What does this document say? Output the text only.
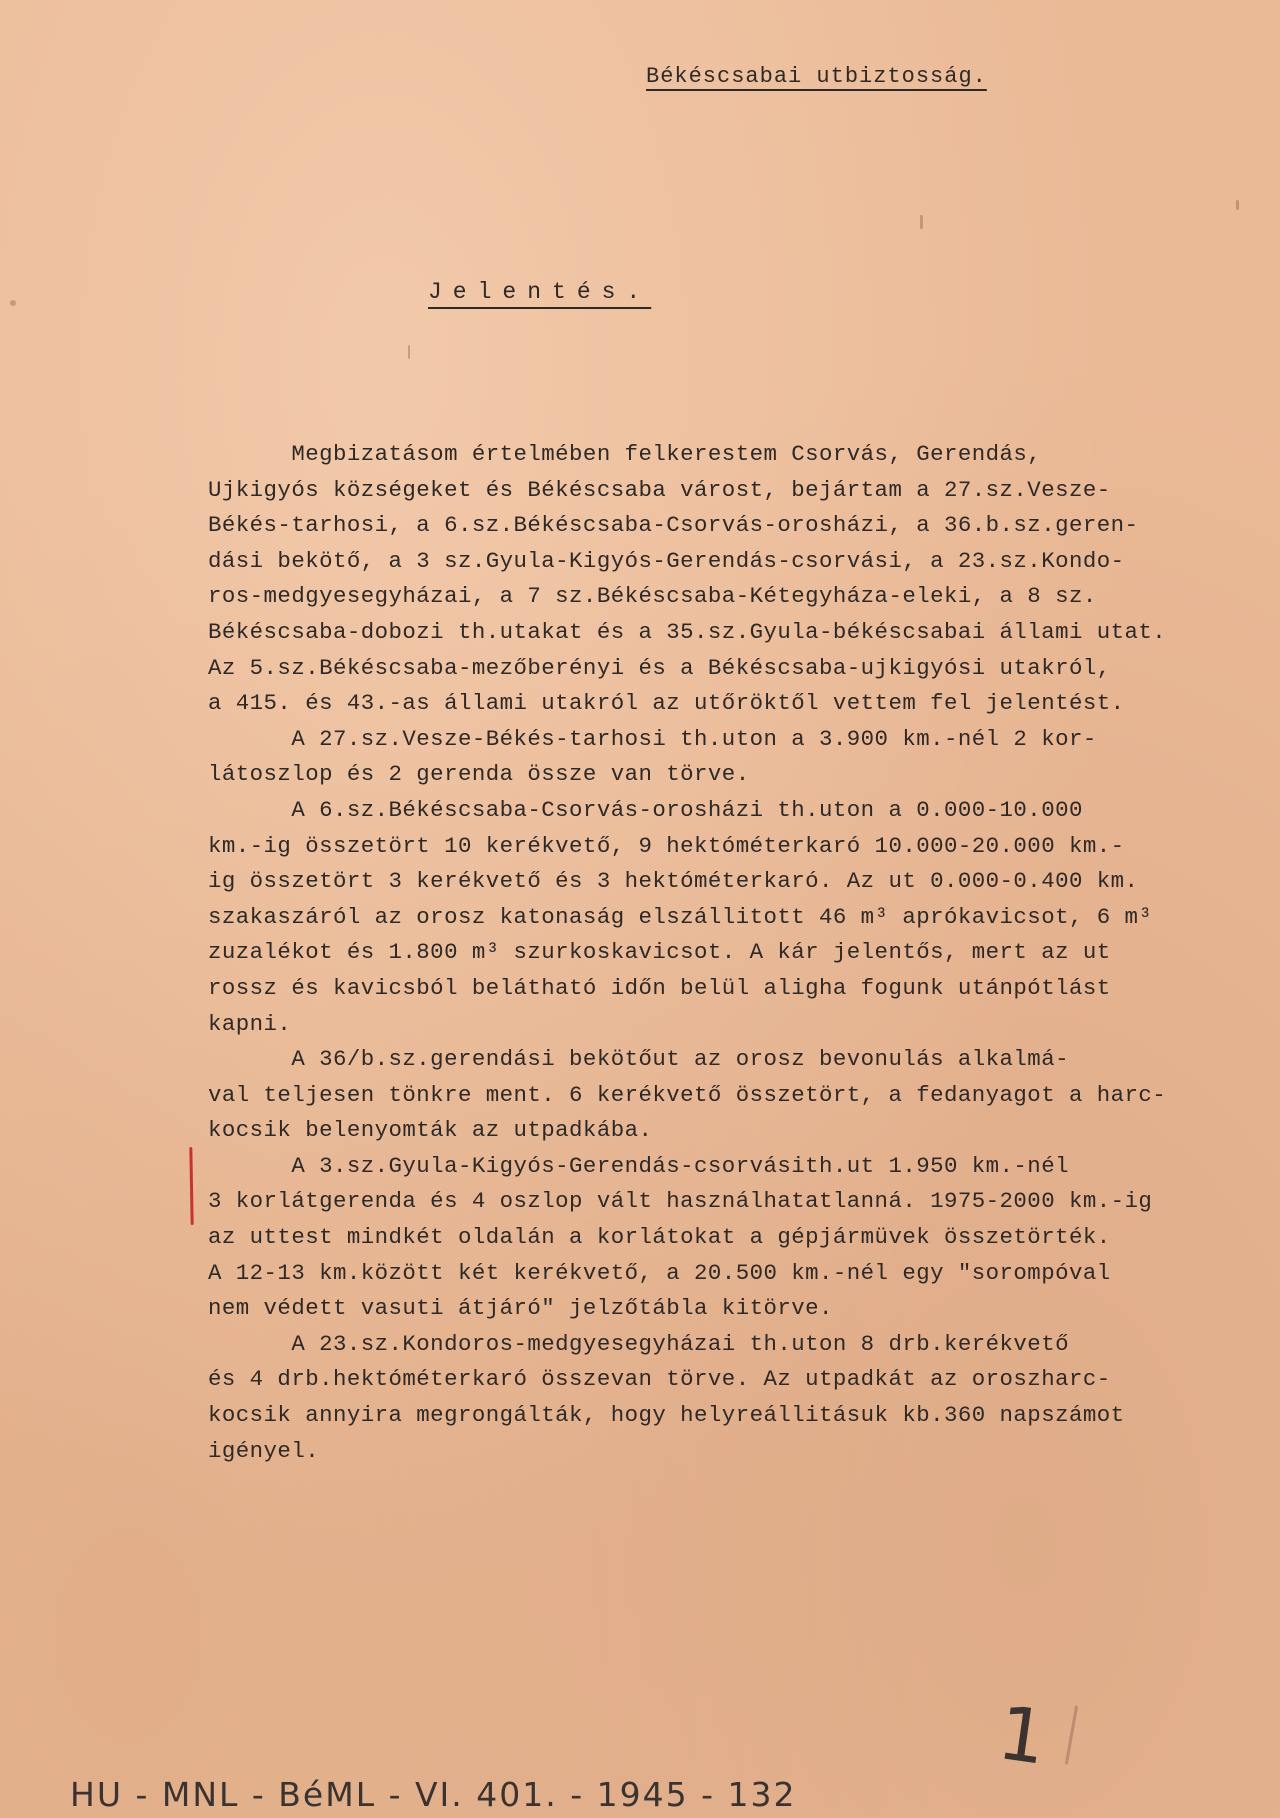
Békéscsabai utbiztosság.
Jelentés.
Megbizatásom értelmében felkerestem Csorvás, Gerendás,
Ujkigyós községeket és Békéscsaba várost, bejártam a 27.sz.Vesze-
Békés-tarhosi, a 6.sz.Békéscsaba-Csorvás-orosházi, a 36.b.sz.geren-
dási bekötő, a 3 sz.Gyula-Kigyós-Gerendás-csorvási, a 23.sz.Kondo-
ros-medgyesegyházai, a 7 sz.Békéscsaba-Kétegyháza-eleki, a 8 sz.
Békéscsaba-dobozi th.utakat és a 35.sz.Gyula-békéscsabai állami utat.
Az 5.sz.Békéscsaba-mezőberényi és a Békéscsaba-ujkigyósi utakról,
a 415. és 43.-as állami utakról az utőröktől vettem fel jelentést.
A 27.sz.Vesze-Békés-tarhosi th.uton a 3.900 km.-nél 2 kor-
látoszlop és 2 gerenda össze van törve.
A 6.sz.Békéscsaba-Csorvás-orosházi th.uton a 0.000-10.000
km.-ig összetört 10 kerékvető, 9 hektóméterkaró 10.000-20.000 km.-
ig összetört 3 kerékvető és 3 hektóméterkaró. Az ut 0.000-0.400 km.
szakaszáról az orosz katonaság elszállitott 46 m³ aprókavicsot, 6 m³
zuzalékot és 1.800 m³ szurkoskavicsot. A kár jelentős, mert az ut
rossz és kavicsból belátható időn belül aligha fogunk utánpótlást
kapni.
A 36/b.sz.gerendási bekötőut az orosz bevonulás alkalmá-
val teljesen tönkre ment. 6 kerékvető összetört, a fedanyagot a harc-
kocsik belenyomták az utpadkába.
A 3.sz.Gyula-Kigyós-Gerendás-csorvásith.ut 1.950 km.-nél
3 korlátgerenda és 4 oszlop vált használhatatlanná. 1975-2000 km.-ig
az uttest mindkét oldalán a korlátokat a gépjármüvek összetörték.
A 12-13 km.között két kerékvető, a 20.500 km.-nél egy "sorompóval
nem védett vasuti átjáró" jelzőtábla kitörve.
A 23.sz.Kondoros-medgyesegyházai th.uton 8 drb.kerékvető
és 4 drb.hektóméterkaró összevan törve. Az utpadkát az oroszharc-
kocsik annyira megrongálták, hogy helyreállitásuk kb.360 napszámot
igényel.
1
HU - MNL - BéML - VI. 401. - 1945 - 132
